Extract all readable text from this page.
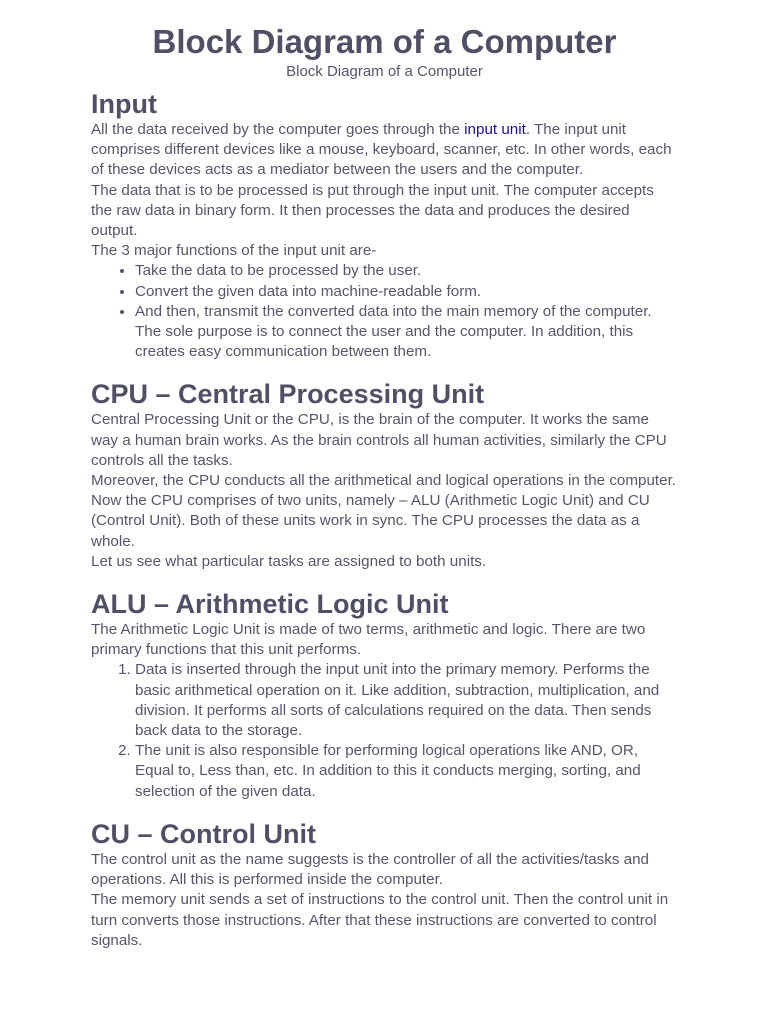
Block Diagram of a Computer
Block Diagram of a Computer
Input

All the data received by the computer goes through the input unit. The input unit comprises different devices like a mouse, keyboard, scanner, etc. In other words, each of these devices acts as a mediator between the users and the computer.

The data that is to be processed is put through the input unit. The computer accepts the raw data in binary form. It then processes the data and produces the desired output.

The 3 major functions of the input unit are-

• Take the data to be processed by the user.
• Convert the given data into machine-readable form.
• And then, transmit the converted data into the main memory of the computer. The sole purpose is to connect the user and the computer. In addition, this creates easy communication between them.
CPU – Central Processing Unit

Central Processing Unit or the CPU, is the brain of the computer. It works the same way a human brain works. As the brain controls all human activities, similarly the CPU controls all the tasks.

Moreover, the CPU conducts all the arithmetical and logical operations in the computer.

Now the CPU comprises of two units, namely – ALU (Arithmetic Logic Unit) and CU (Control Unit). Both of these units work in sync. The CPU processes the data as a whole.

Let us see what particular tasks are assigned to both units.

ALU – Arithmetic Logic Unit

The Arithmetic Logic Unit is made of two terms, arithmetic and logic. There are two primary functions that this unit performs.

1. Data is inserted through the input unit into the primary memory. Performs the basic arithmetical operation on it. Like addition, subtraction, multiplication, and division. It performs all sorts of calculations required on the data. Then sends back data to the storage.
2. The unit is also responsible for performing logical operations like AND, OR, Equal to, Less than, etc. In addition to this it conducts merging, sorting, and selection of the given data.
CU – Control Unit

The control unit as the name suggests is the controller of all the activities/tasks and operations. All this is performed inside the computer.

The memory unit sends a set of instructions to the control unit. Then the control unit in turn converts those instructions. After that these instructions are converted to control signals.
